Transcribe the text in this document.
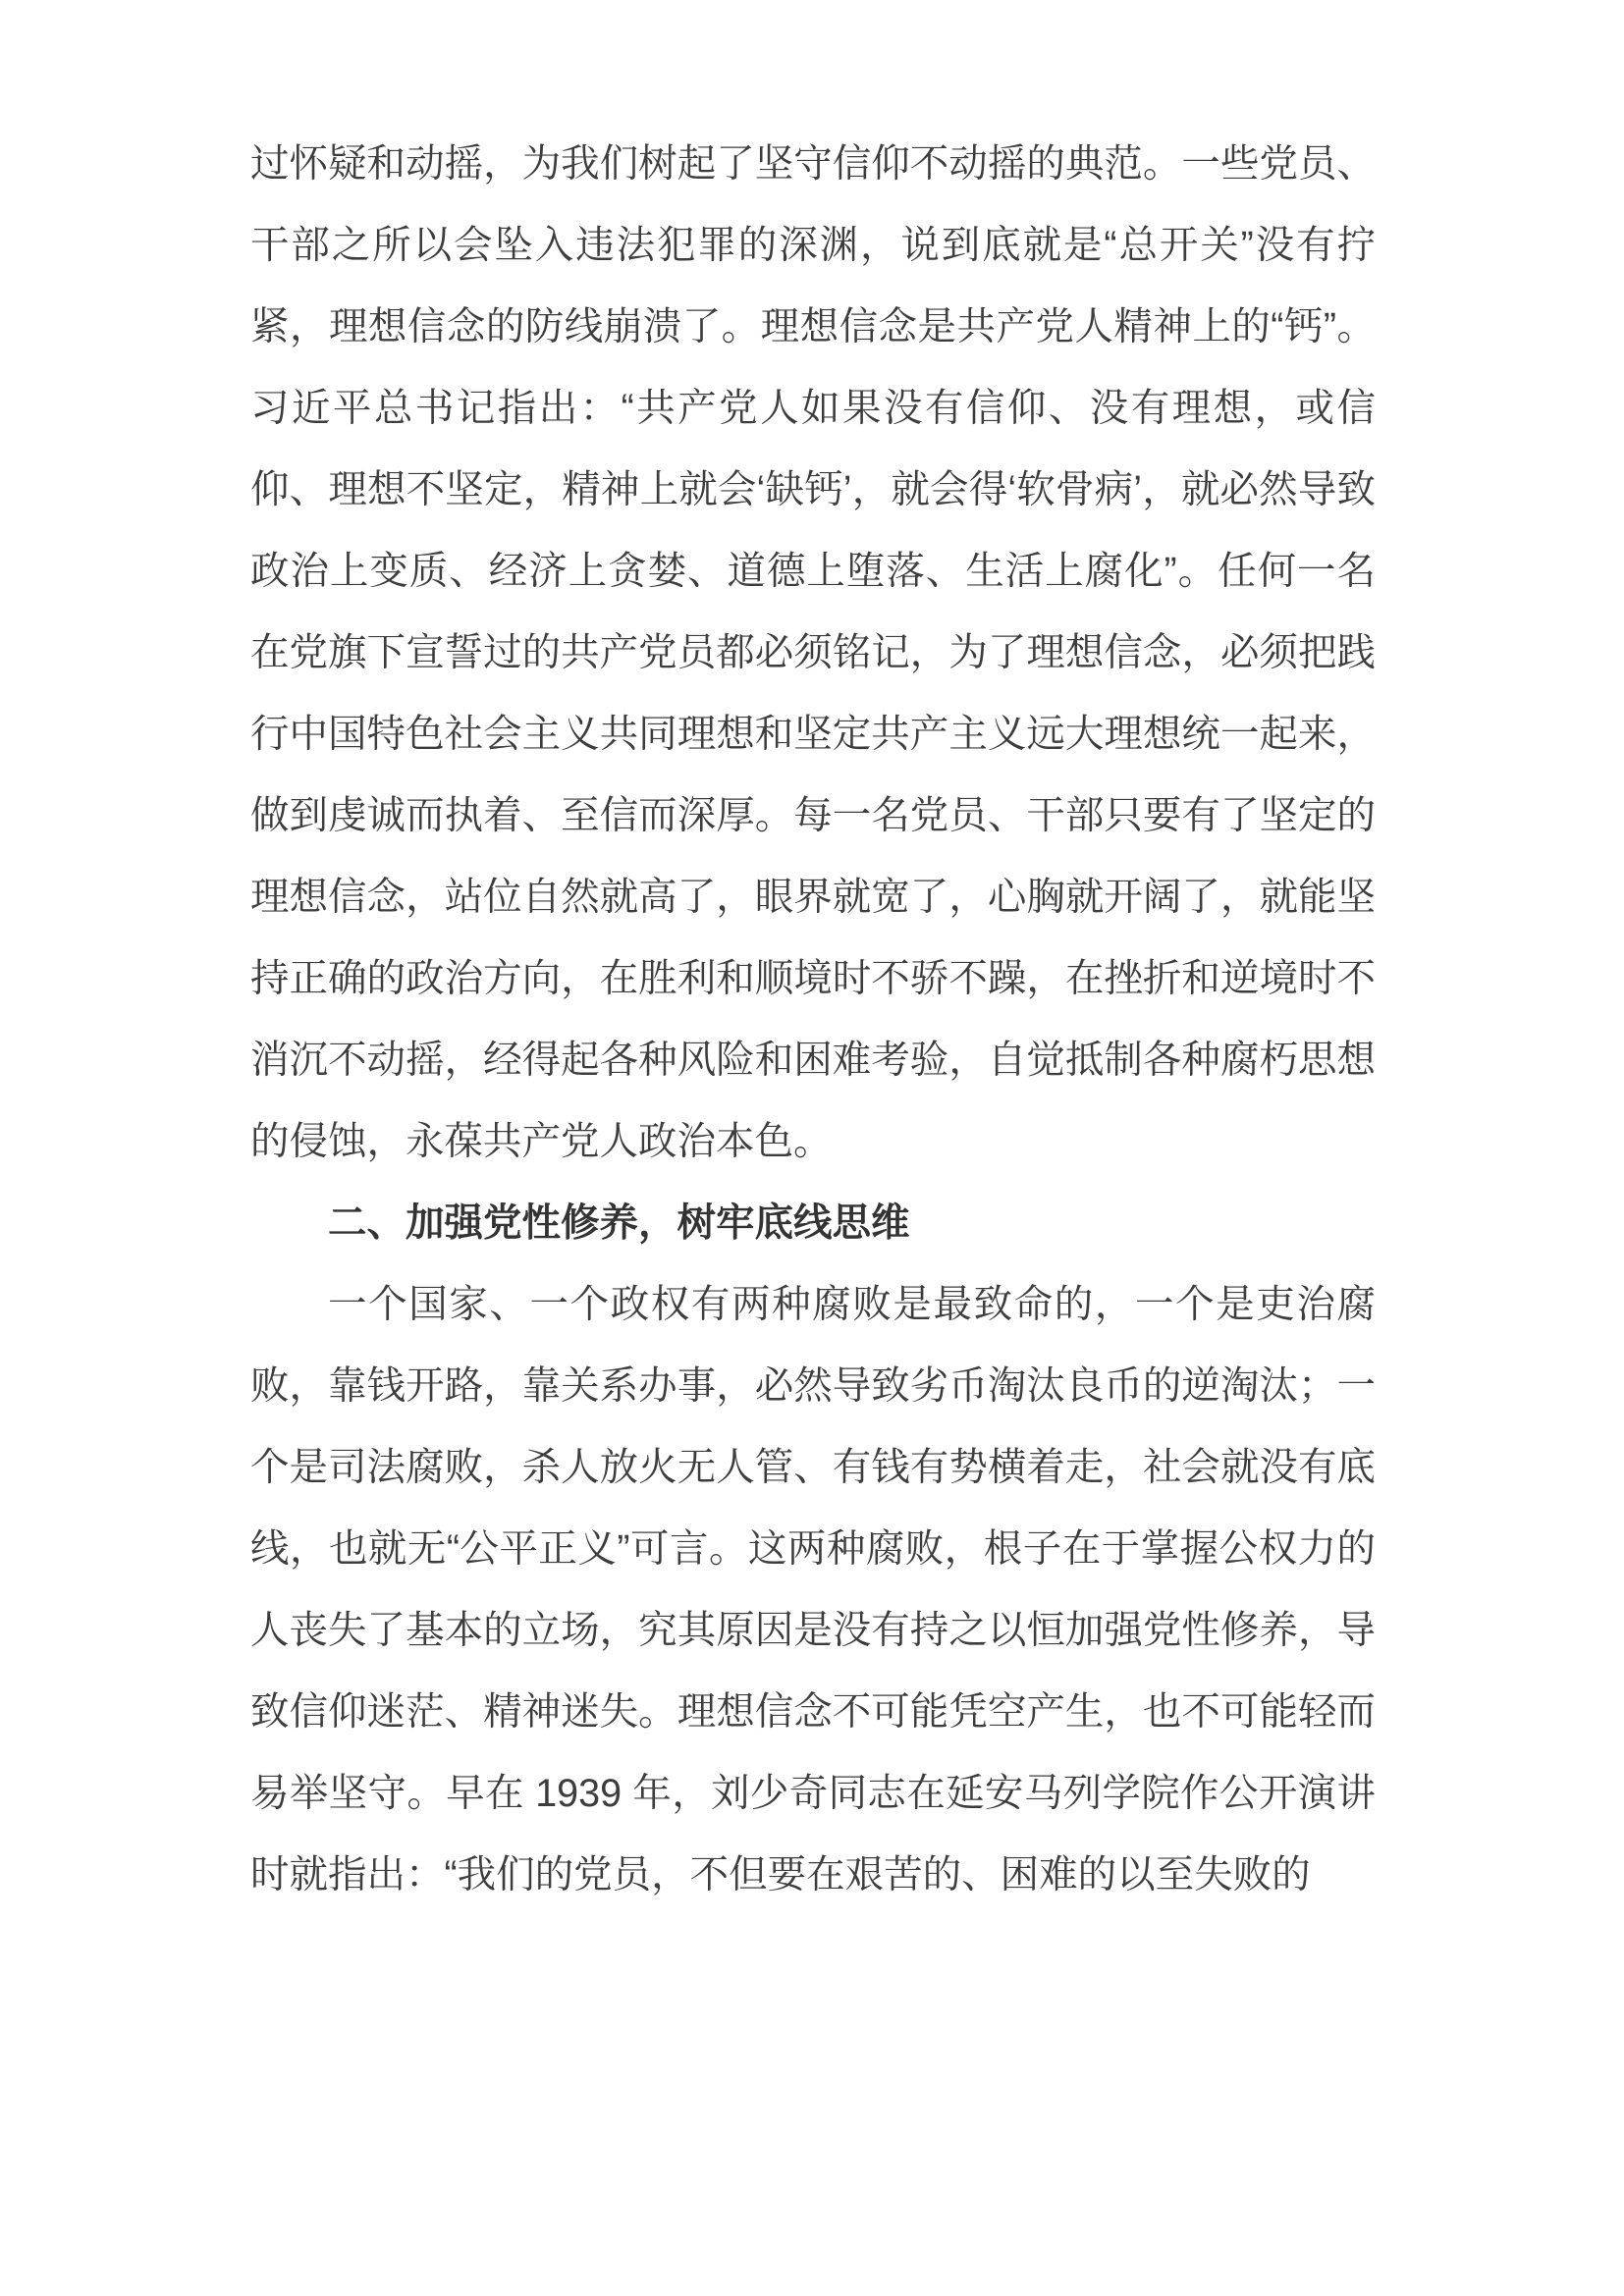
过怀疑和动摇，为我们树起了坚守信仰不动摇的典范。一些党员、干部之所以会坠入违法犯罪的深渊，说到底就是“总开关”没有拧紧，理想信念的防线崩溃了。理想信念是共产党人精神上的“钙”。习近平总书记指出：“共产党人如果没有信仰、没有理想，或信仰、理想不坚定，精神上就会‘缺钙’，就会得‘软骨病’，就必然导致政治上变质、经济上贪婪、道德上堕落、生活上腐化”。任何一名在党旗下宣誓过的共产党员都必须铭记，为了理想信念，必须把践行中国特色社会主义共同理想和坚定共产主义远大理想统一起来，做到虔诚而执着、至信而深厚。每一名党员、干部只要有了坚定的理想信念，站位自然就高了，眼界就宽了，心胸就开阔了，就能坚持正确的政治方向，在胜利和顺境时不骄不躁，在挫折和逆境时不消沉不动摇，经得起各种风险和困难考验，自觉抵制各种腐朽思想的侵蚀，永葆共产党人政治本色。

二、加强党性修养，树牢底线思维

一个国家、一个政权有两种腐败是最致命的，一个是吏治腐败，靠钱开路，靠关系办事，必然导致劣币淘汰良币的逆淘汰；一个是司法腐败，杀人放火无人管、有钱有势横着走，社会就没有底线，也就无“公平正义”可言。这两种腐败，根子在于掌握公权力的人丧失了基本的立场，究其原因是没有持之以恒加强党性修养，导致信仰迷茫、精神迷失。理想信念不可能凭空产生，也不可能轻而易举坚守。早在 1939 年，刘少奇同志在延安马列学院作公开演讲时就指出：“我们的党员，不但要在艰苦的、困难的以至失败的
